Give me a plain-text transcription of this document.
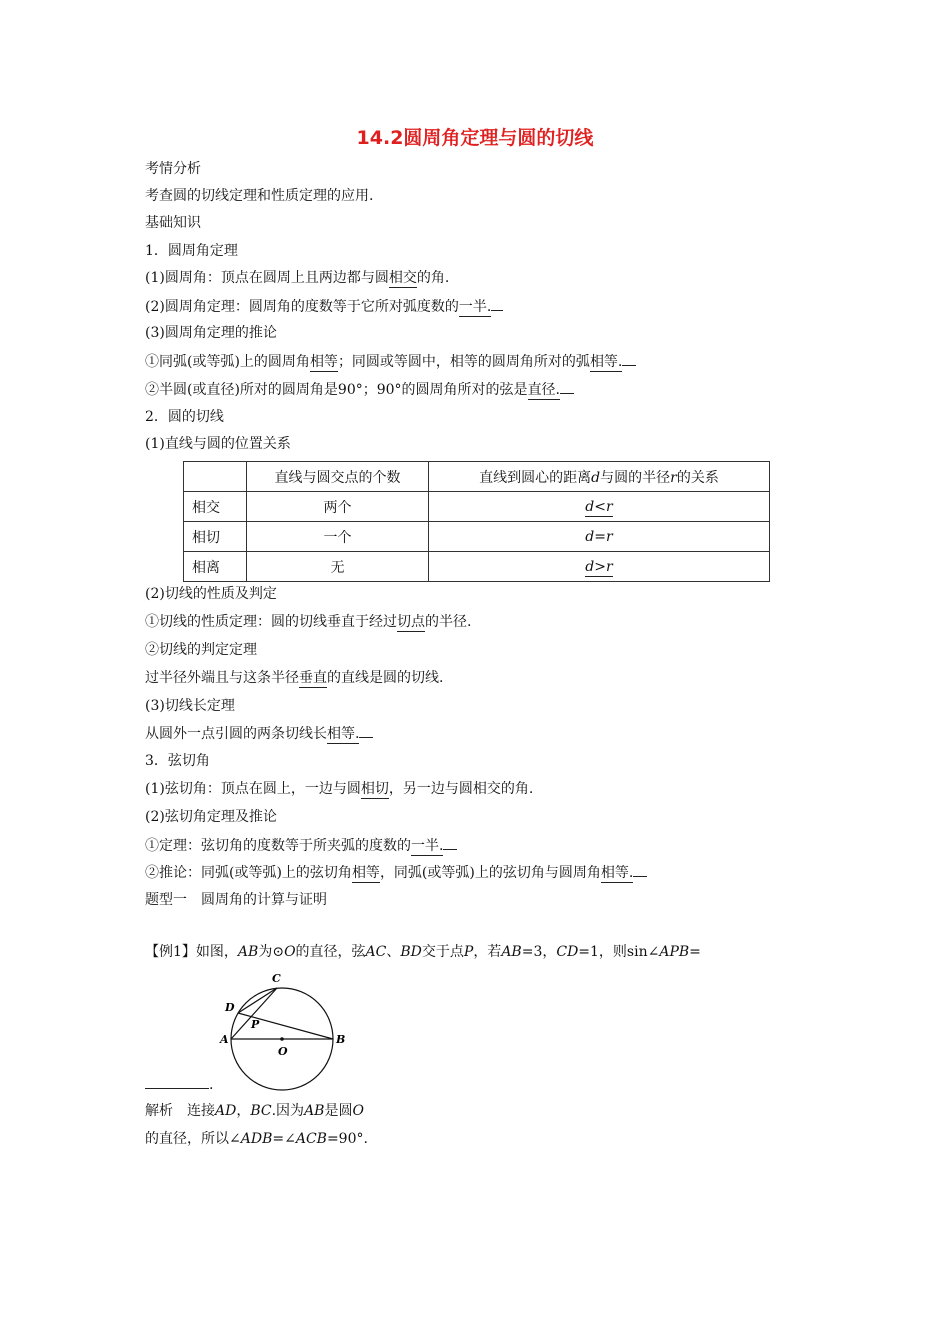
14.2圆周角定理与圆的切线
考情分析
考查圆的切线定理和性质定理的应用.
基础知识
1．圆周角定理
(1)圆周角：顶点在圆周上且两边都与圆相交的角.
(2)圆周角定理：圆周角的度数等于它所对弧度数的一半.
(3)圆周角定理的推论
①同弧(或等弧)上的圆周角相等；同圆或等圆中，相等的圆周角所对的弧相等.
②半圆(或直径)所对的圆周角是90°；90°的圆周角所对的弦是直径.
2．圆的切线
(1)直线与圆的位置关系
	直线与圆交点的个数	直线到圆心的距离d与圆的半径r的关系
相交	两个	d<r
相切	一个	d=r
相离	无	d>r
(2)切线的性质及判定
①切线的性质定理：圆的切线垂直于经过切点的半径.
②切线的判定定理
过半径外端且与这条半径垂直的直线是圆的切线.
(3)切线长定理
从圆外一点引圆的两条切线长相等.
3．弦切角
(1)弦切角：顶点在圆上，一边与圆相切，另一边与圆相交的角.
(2)弦切角定理及推论
①定理：弦切角的度数等于所夹弧的度数的一半.
②推论：同弧(或等弧)上的弦切角相等，同弧(或等弧)上的弦切角与圆周角相等.
题型一　圆周角的计算与证明
【例1】如图，AB为⊙O的直径，弦AC、BD交于点P，若AB=3，CD=1，则sin∠APB=
C
D
P
A	B
O
.
解析　连接AD，BC.因为AB是圆O
的直径，所以∠ADB=∠ACB=90°.
